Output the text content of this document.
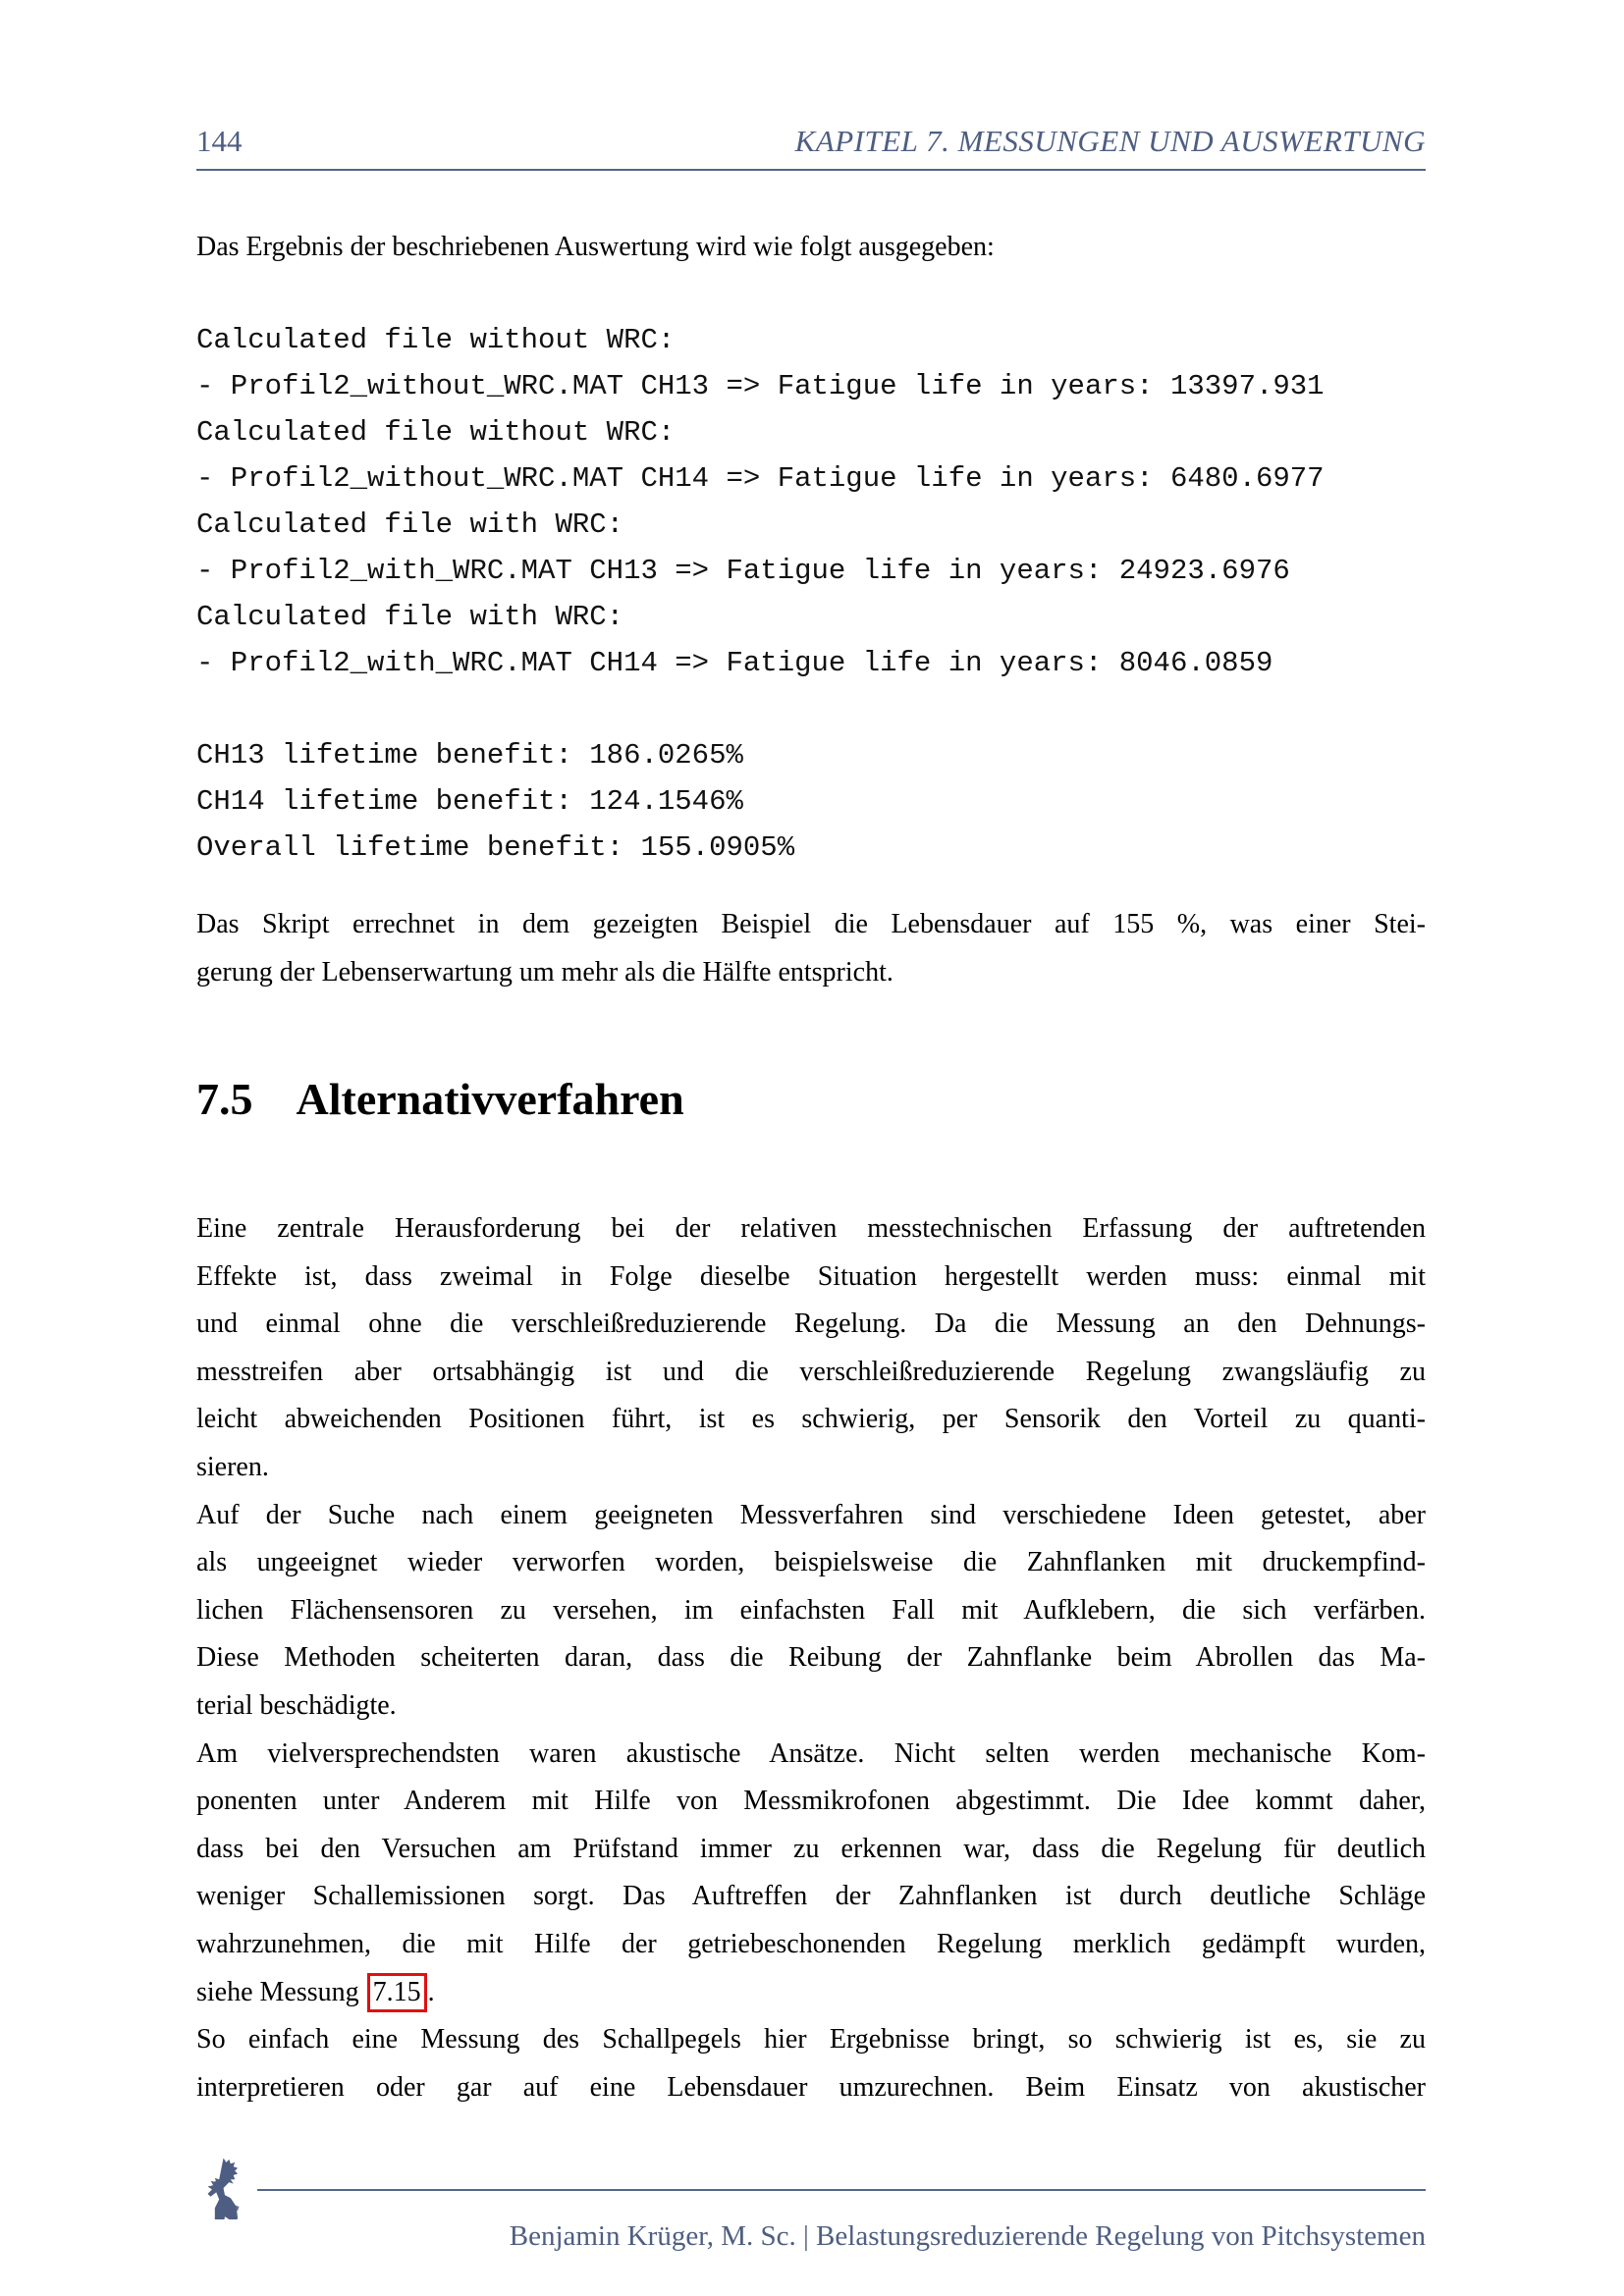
144	KAPITEL 7. MESSUNGEN UND AUSWERTUNG
Das Ergebnis der beschriebenen Auswertung wird wie folgt ausgegeben:
Calculated file without WRC:
- Profil2_without_WRC.MAT CH13 => Fatigue life in years: 13397.931
Calculated file without WRC:
- Profil2_without_WRC.MAT CH14 => Fatigue life in years: 6480.6977
Calculated file with WRC:
- Profil2_with_WRC.MAT CH13 => Fatigue life in years: 24923.6976
Calculated file with WRC:
- Profil2_with_WRC.MAT CH14 => Fatigue life in years: 8046.0859
CH13 lifetime benefit: 186.0265%
CH14 lifetime benefit: 124.1546%
Overall lifetime benefit: 155.0905%
Das Skript errechnet in dem gezeigten Beispiel die Lebensdauer auf 155 %, was einer Stei-
gerung der Lebenserwartung um mehr als die Hälfte entspricht.
7.5 Alternativverfahren
Eine zentrale Herausforderung bei der relativen messtechnischen Erfassung der auftretenden
Effekte ist, dass zweimal in Folge dieselbe Situation hergestellt werden muss: einmal mit
und einmal ohne die verschleißreduzierende Regelung. Da die Messung an den Dehnungs-
messtreifen aber ortsabhängig ist und die verschleißreduzierende Regelung zwangsläufig zu
leicht abweichenden Positionen führt, ist es schwierig, per Sensorik den Vorteil zu quanti-
sieren.
Auf der Suche nach einem geeigneten Messverfahren sind verschiedene Ideen getestet, aber
als ungeeignet wieder verworfen worden, beispielsweise die Zahnflanken mit druckempfind-
lichen Flächensensoren zu versehen, im einfachsten Fall mit Aufklebern, die sich verfärben.
Diese Methoden scheiterten daran, dass die Reibung der Zahnflanke beim Abrollen das Ma-
terial beschädigte.
Am vielversprechendsten waren akustische Ansätze. Nicht selten werden mechanische Kom-
ponenten unter Anderem mit Hilfe von Messmikrofonen abgestimmt. Die Idee kommt daher,
dass bei den Versuchen am Prüfstand immer zu erkennen war, dass die Regelung für deutlich
weniger Schallemissionen sorgt. Das Auftreffen der Zahnflanken ist durch deutliche Schläge
wahrzunehmen, die mit Hilfe der getriebeschonenden Regelung merklich gedämpft wurden,
siehe Messung 7.15 .
So einfach eine Messung des Schallpegels hier Ergebnisse bringt, so schwierig ist es, sie zu
interpretieren oder gar auf eine Lebensdauer umzurechnen. Beim Einsatz von akustischer
Benjamin Krüger, M. Sc. | Belastungsreduzierende Regelung von Pitchsystemen
